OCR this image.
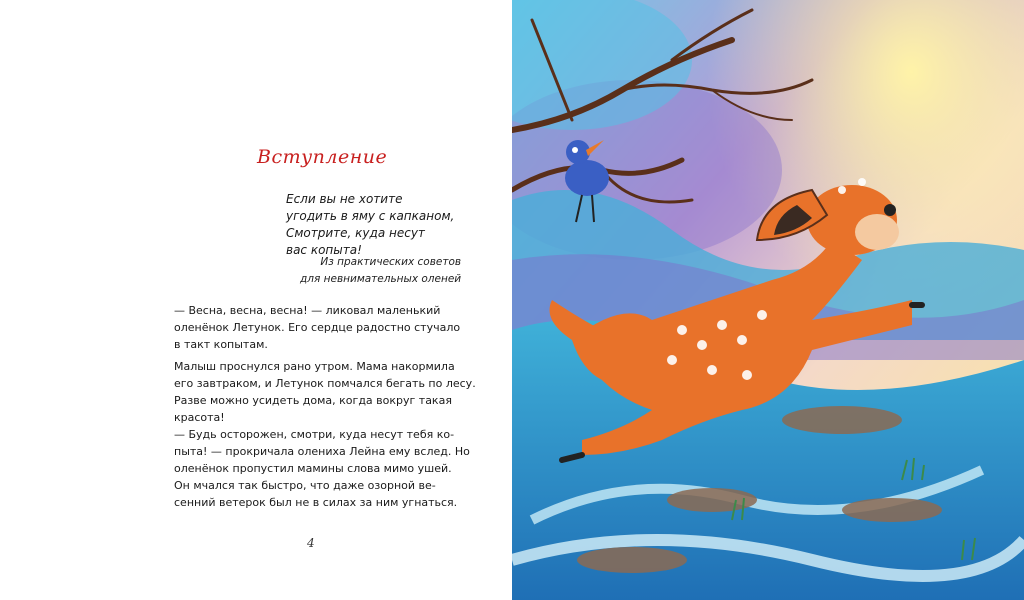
Вступление
Если вы не хотите
угодить в яму с капканом,
Смотрите, куда несут
вас копыта!
Из практических советов
для невнимательных оленей
— Весна, весна, весна! — ликовал маленький
оленёнок Летунок. Его сердце радостно стучало
в такт копытам.
Малыш проснулся рано утром. Мама накормила
его завтраком, и Летунок помчался бегать по лесу.
Разве можно усидеть дома, когда вокруг такая
красота!
— Будь осторожен, смотри, куда несут тебя ко-
пыта! — прокричала олениха Лейна ему вслед. Но
оленёнок пропустил мамины слова мимо ушей.
Он мчался так быстро, что даже озорной ве-
сенний ветерок был не в силах за ним угнаться.
4
